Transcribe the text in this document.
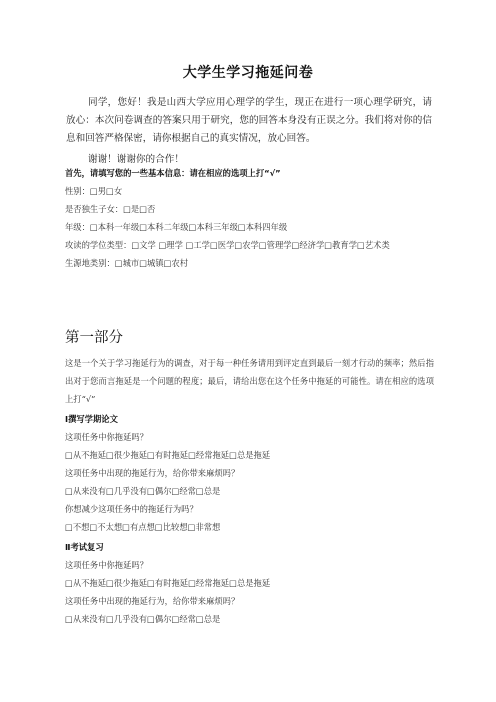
大学生学习拖延问卷

同学，您好！我是山西大学应用心理学的学生，现正在进行一项心理学研究，请放心：本次问卷调查的答案只用于研究，您的回答本身没有正误之分。我们将对你的信息和回答严格保密，请你根据自己的真实情况，放心回答。

谢谢！谢谢你的合作！
首先，请填写您的一些基本信息：请在相应的选项上打“√”
性别：□男□女
是否独生子女：□是□否
年级：□本科一年级□本科二年级□本科三年级□本科四年级
攻读的学位类型：□文学 □理学 □工学□医学□农学□管理学□经济学□教育学□艺术类
生源地类别：□城市□城镇□农村
第一部分
这是一个关于学习拖延行为的调查，对于每一种任务请用到评定直到最后一刻才行动的频率；然后指出对于您而言拖延是一个问题的程度；最后，请给出您在这个任务中拖延的可能性。请在相应的选项上打“√”
Ⅰ撰写学期论文
这项任务中你拖延吗？
□从不拖延□很少拖延□有时拖延□经常拖延□总是拖延
这项任务中出现的拖延行为，给你带来麻烦吗？
□从来没有□几乎没有□偶尔□经常□总是
你想减少这项任务中的拖延行为吗？
□不想□不太想□有点想□比较想□非常想
Ⅱ考试复习
这项任务中你拖延吗？
□从不拖延□很少拖延□有时拖延□经常拖延□总是拖延
这项任务中出现的拖延行为，给你带来麻烦吗？
□从来没有□几乎没有□偶尔□经常□总是
